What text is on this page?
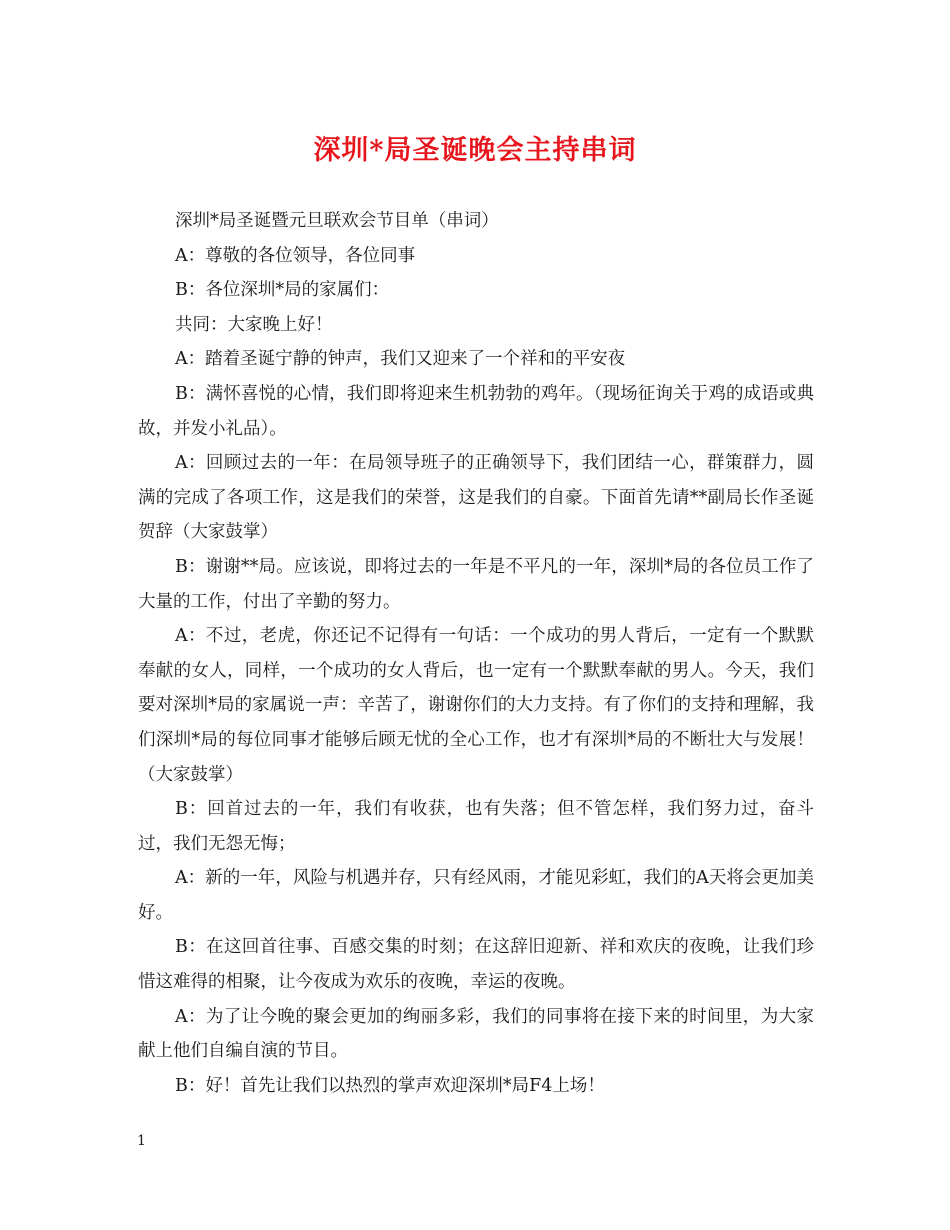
深圳*局圣诞晚会主持串词

深圳*局圣诞暨元旦联欢会节目单（串词）

A：尊敬的各位领导，各位同事

B：各位深圳*局的家属们：

共同：大家晚上好！

A：踏着圣诞宁静的钟声，我们又迎来了一个祥和的平安夜

B：满怀喜悦的心情，我们即将迎来生机勃勃的鸡年。（现场征询关于鸡的成语或典故，并发小礼品）。

A：回顾过去的一年：在局领导班子的正确领导下，我们团结一心，群策群力，圆满的完成了各项工作，这是我们的荣誉，这是我们的自豪。下面首先请**副局长作圣诞贺辞（大家鼓掌）

B：谢谢**局。应该说，即将过去的一年是不平凡的一年，深圳*局的各位员工作了大量的工作，付出了辛勤的努力。

A：不过，老虎，你还记不记得有一句话：一个成功的男人背后，一定有一个默默奉献的女人，同样，一个成功的女人背后，也一定有一个默默奉献的男人。今天，我们要对深圳*局的家属说一声：辛苦了，谢谢你们的大力支持。有了你们的支持和理解，我们深圳*局的每位同事才能够后顾无忧的全心工作，也才有深圳*局的不断壮大与发展！（大家鼓掌）

B：回首过去的一年，我们有收获，也有失落；但不管怎样，我们努力过，奋斗过，我们无怨无悔；

A：新的一年，风险与机遇并存，只有经风雨，才能见彩虹，我们的A天将会更加美好。

B：在这回首往事、百感交集的时刻；在这辞旧迎新、祥和欢庆的夜晚，让我们珍惜这难得的相聚，让今夜成为欢乐的夜晚，幸运的夜晚。

A：为了让今晚的聚会更加的绚丽多彩，我们的同事将在接下来的时间里，为大家献上他们自编自演的节目。

B：好！首先让我们以热烈的掌声欢迎深圳*局F4上场！

1
